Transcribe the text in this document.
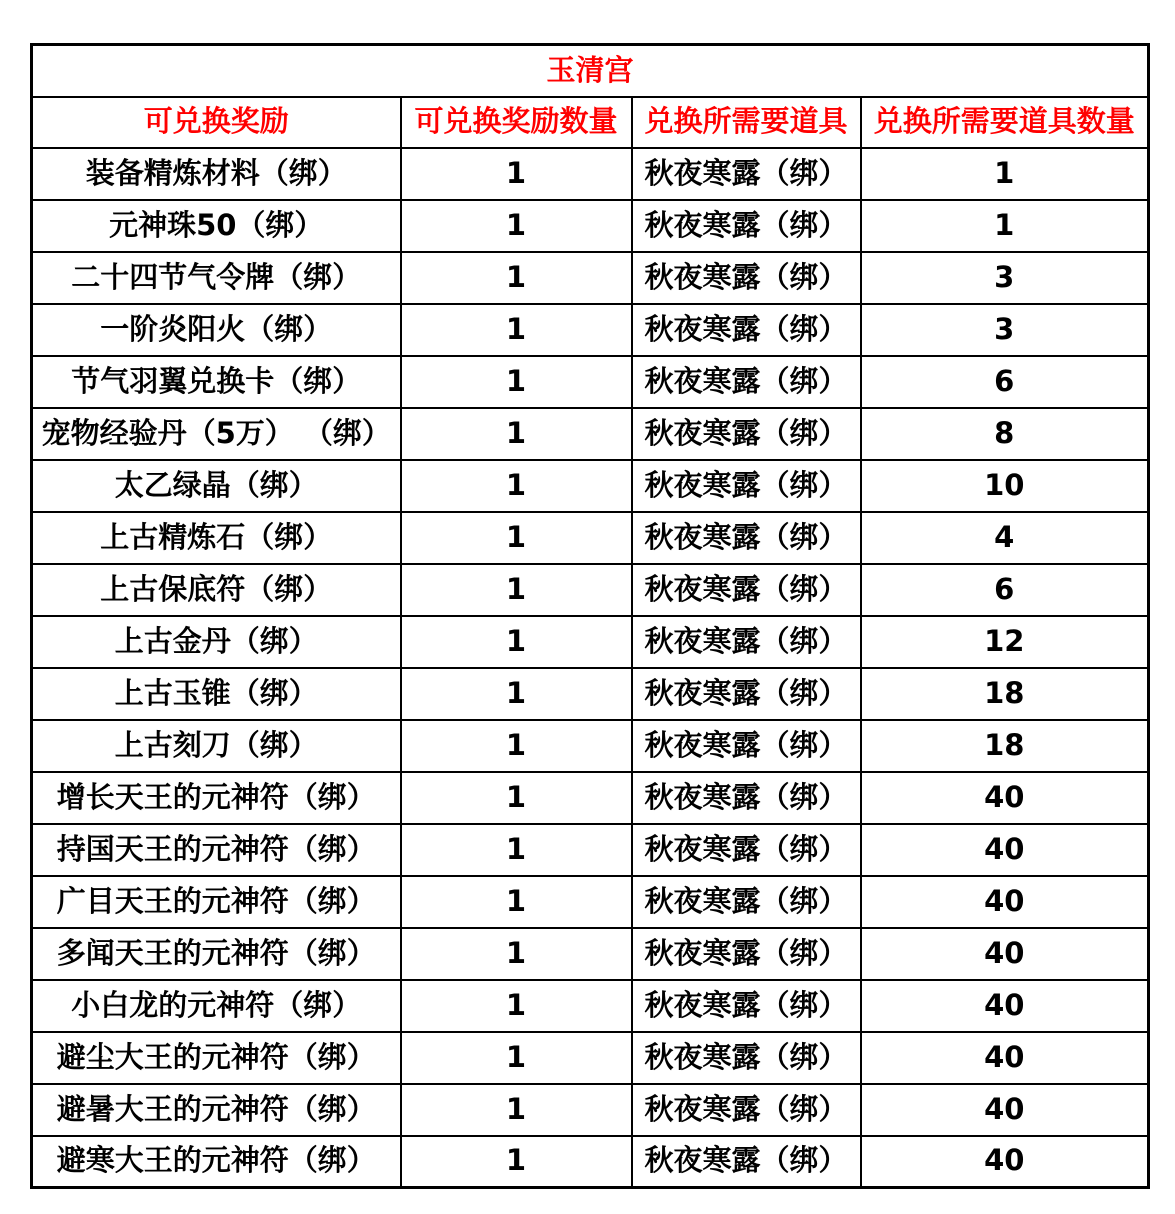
玉清宫			
可兑换奖励	可兑换奖励数量	兑换所需要道具	兑换所需要道具数量
装备精炼材料（绑）	1	秋夜寒露（绑）	1
元神珠50（绑）	1	秋夜寒露（绑）	1
二十四节气令牌（绑）	1	秋夜寒露（绑）	3
一阶炎阳火（绑）	1	秋夜寒露（绑）	3
节气羽翼兑换卡（绑）	1	秋夜寒露（绑）	6
宠物经验丹（5万） （绑）	1	秋夜寒露（绑）	8
太乙绿晶（绑）	1	秋夜寒露（绑）	10
上古精炼石（绑）	1	秋夜寒露（绑）	4
上古保底符（绑）	1	秋夜寒露（绑）	6
上古金丹（绑）	1	秋夜寒露（绑）	12
上古玉锥（绑）	1	秋夜寒露（绑）	18
上古刻刀（绑）	1	秋夜寒露（绑）	18
增长天王的元神符（绑）	1	秋夜寒露（绑）	40
持国天王的元神符（绑）	1	秋夜寒露（绑）	40
广目天王的元神符（绑）	1	秋夜寒露（绑）	40
多闻天王的元神符（绑）	1	秋夜寒露（绑）	40
小白龙的元神符（绑）	1	秋夜寒露（绑）	40
避尘大王的元神符（绑）	1	秋夜寒露（绑）	40
避暑大王的元神符（绑）	1	秋夜寒露（绑）	40
避寒大王的元神符（绑）	1	秋夜寒露（绑）	40
